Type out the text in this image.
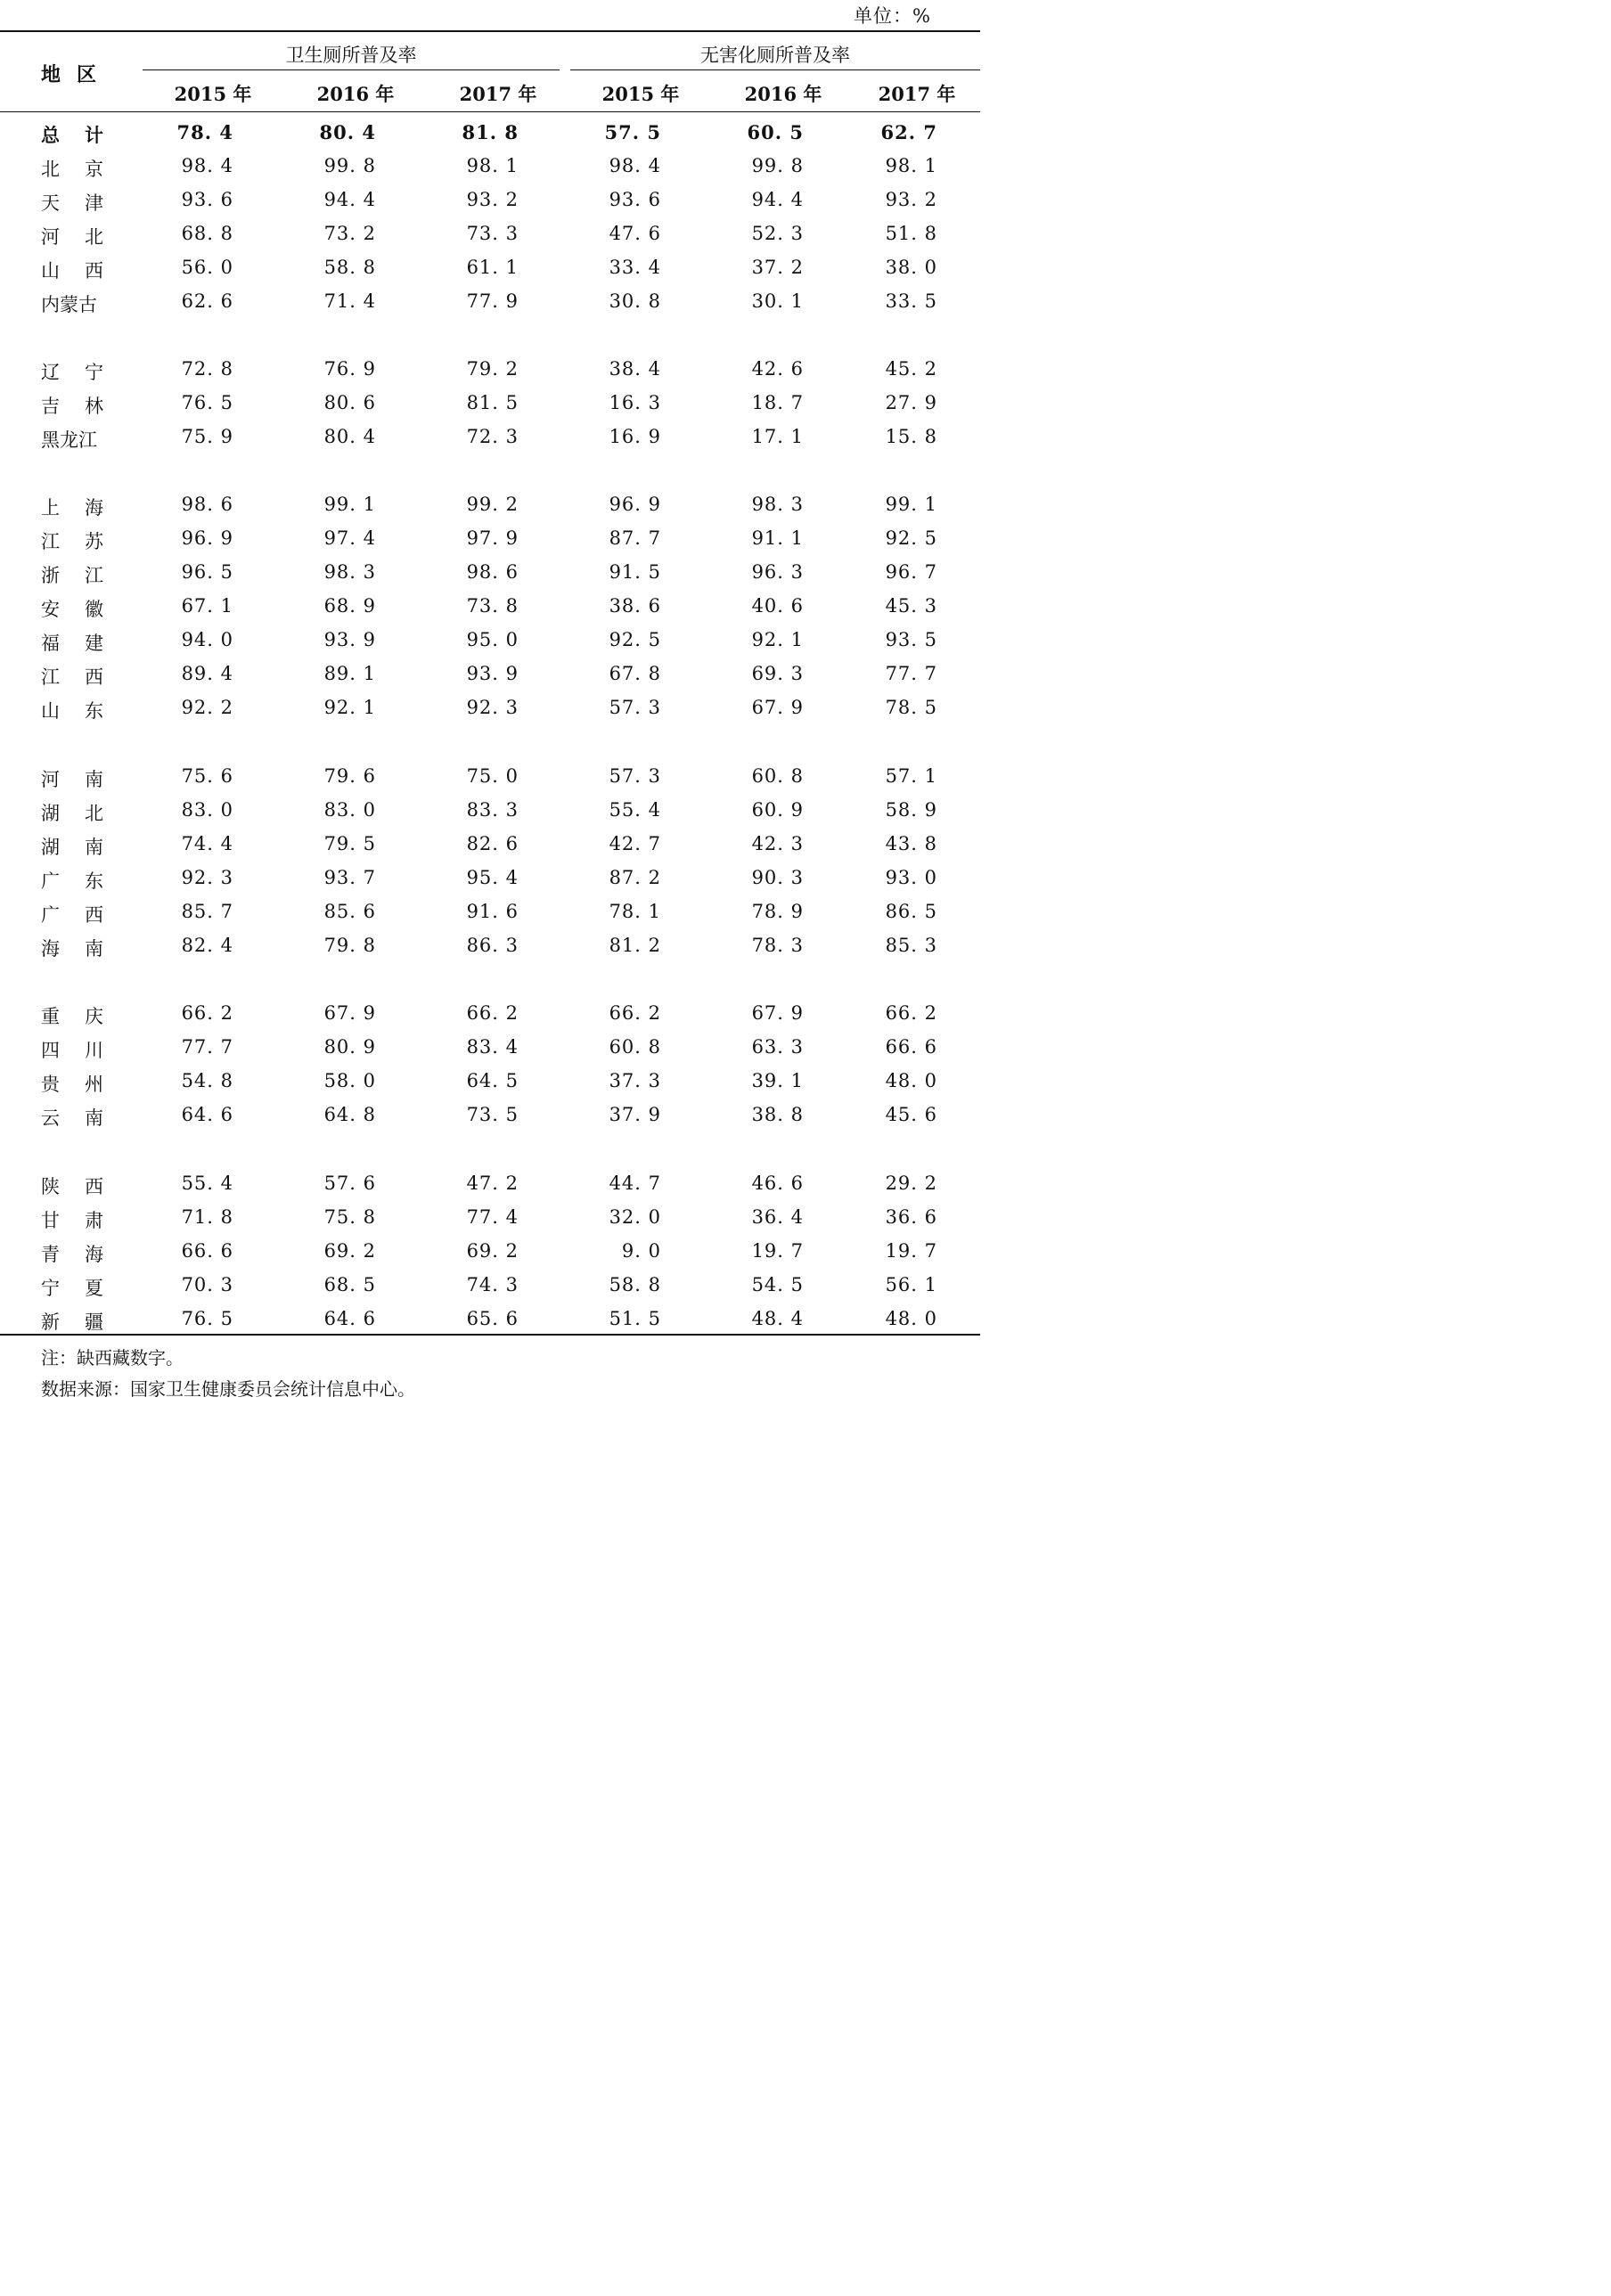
单位：%
地区
卫生厕所普及率	无害化厕所普及率
2015 年	2016 年	2017 年	2015 年	2016 年	2017 年
总计	78. 4	80. 4	81. 8	57. 5	60. 5	62. 7
北京	98. 4	99. 8	98. 1	98. 4	99. 8	98. 1
天津	93. 6	94. 4	93. 2	93. 6	94. 4	93. 2
河北	68. 8	73. 2	73. 3	47. 6	52. 3	51. 8
山西	56. 0	58. 8	61. 1	33. 4	37. 2	38. 0
内蒙古	62. 6	71. 4	77. 9	30. 8	30. 1	33. 5
辽宁	72. 8	76. 9	79. 2	38. 4	42. 6	45. 2
吉林	76. 5	80. 6	81. 5	16. 3	18. 7	27. 9
黑龙江	75. 9	80. 4	72. 3	16. 9	17. 1	15. 8
上海	98. 6	99. 1	99. 2	96. 9	98. 3	99. 1
江苏	96. 9	97. 4	97. 9	87. 7	91. 1	92. 5
浙江	96. 5	98. 3	98. 6	91. 5	96. 3	96. 7
安徽	67. 1	68. 9	73. 8	38. 6	40. 6	45. 3
福建	94. 0	93. 9	95. 0	92. 5	92. 1	93. 5
江西	89. 4	89. 1	93. 9	67. 8	69. 3	77. 7
山东	92. 2	92. 1	92. 3	57. 3	67. 9	78. 5
河南	75. 6	79. 6	75. 0	57. 3	60. 8	57. 1
湖北	83. 0	83. 0	83. 3	55. 4	60. 9	58. 9
湖南	74. 4	79. 5	82. 6	42. 7	42. 3	43. 8
广东	92. 3	93. 7	95. 4	87. 2	90. 3	93. 0
广西	85. 7	85. 6	91. 6	78. 1	78. 9	86. 5
海南	82. 4	79. 8	86. 3	81. 2	78. 3	85. 3
重庆	66. 2	67. 9	66. 2	66. 2	67. 9	66. 2
四川	77. 7	80. 9	83. 4	60. 8	63. 3	66. 6
贵州	54. 8	58. 0	64. 5	37. 3	39. 1	48. 0
云南	64. 6	64. 8	73. 5	37. 9	38. 8	45. 6
陕西	55. 4	57. 6	47. 2	44. 7	46. 6	29. 2
甘肃	71. 8	75. 8	77. 4	32. 0	36. 4	36. 6
青海	66. 6	69. 2	69. 2	9. 0	19. 7	19. 7
宁夏	70. 3	68. 5	74. 3	58. 8	54. 5	56. 1
新疆	76. 5	64. 6	65. 6	51. 5	48. 4	48. 0
注：缺西藏数字。
数据来源：国家卫生健康委员会统计信息中心。
